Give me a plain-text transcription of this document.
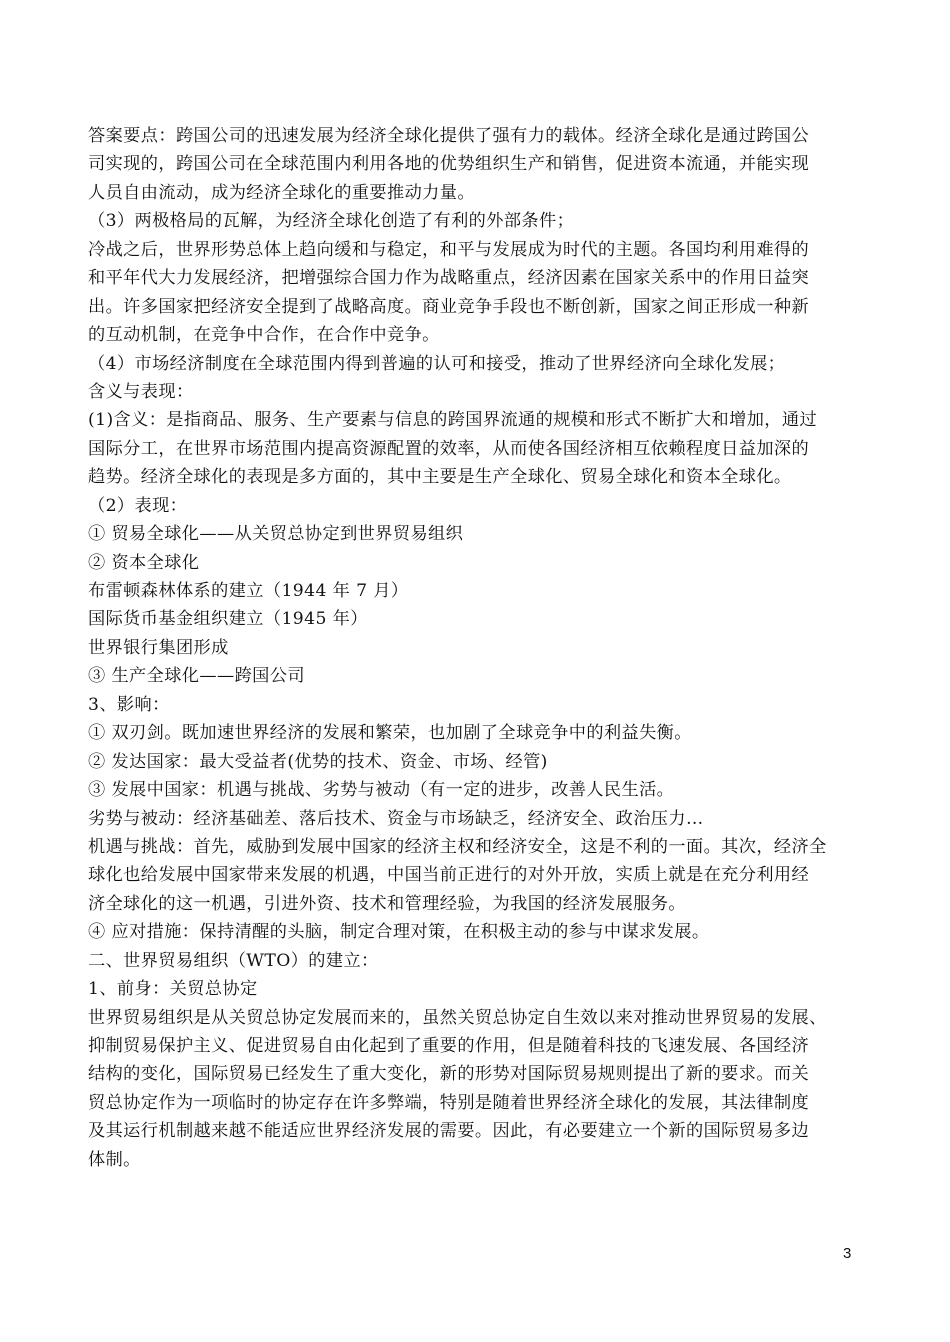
答案要点：跨国公司的迅速发展为经济全球化提供了强有力的载体。经济全球化是通过跨国公
司实现的，跨国公司在全球范围内利用各地的优势组织生产和销售，促进资本流通，并能实现
人员自由流动，成为经济全球化的重要推动力量。
（3）两极格局的瓦解，为经济全球化创造了有利的外部条件；
冷战之后，世界形势总体上趋向缓和与稳定，和平与发展成为时代的主题。各国均利用难得的
和平年代大力发展经济，把增强综合国力作为战略重点，经济因素在国家关系中的作用日益突
出。许多国家把经济安全提到了战略高度。商业竞争手段也不断创新，国家之间正形成一种新
的互动机制，在竞争中合作，在合作中竞争。
（4）市场经济制度在全球范围内得到普遍的认可和接受，推动了世界经济向全球化发展；
含义与表现：
(1)含义：是指商品、服务、生产要素与信息的跨国界流通的规模和形式不断扩大和增加，通过
国际分工，在世界市场范围内提高资源配置的效率，从而使各国经济相互依赖程度日益加深的
趋势。经济全球化的表现是多方面的，其中主要是生产全球化、贸易全球化和资本全球化。
（2）表现：
① 贸易全球化——从关贸总协定到世界贸易组织
② 资本全球化
布雷顿森林体系的建立（1944 年 7 月）
国际货币基金组织建立（1945 年）
世界银行集团形成
③ 生产全球化——跨国公司
3、影响：
① 双刃剑。既加速世界经济的发展和繁荣，也加剧了全球竞争中的利益失衡。
② 发达国家：最大受益者(优势的技术、资金、市场、经管)
③ 发展中国家：机遇与挑战、劣势与被动（有一定的进步，改善人民生活。
劣势与被动：经济基础差、落后技术、资金与市场缺乏，经济安全、政治压力…
机遇与挑战：首先，威胁到发展中国家的经济主权和经济安全，这是不利的一面。其次，经济全
球化也给发展中国家带来发展的机遇，中国当前正进行的对外开放，实质上就是在充分利用经
济全球化的这一机遇，引进外资、技术和管理经验，为我国的经济发展服务。
④ 应对措施：保持清醒的头脑，制定合理对策，在积极主动的参与中谋求发展。
二、世界贸易组织（WTO）的建立：
1、前身：关贸总协定
世界贸易组织是从关贸总协定发展而来的，虽然关贸总协定自生效以来对推动世界贸易的发展、
抑制贸易保护主义、促进贸易自由化起到了重要的作用，但是随着科技的飞速发展、各国经济
结构的变化，国际贸易已经发生了重大变化，新的形势对国际贸易规则提出了新的要求。而关
贸总协定作为一项临时的协定存在许多弊端，特别是随着世界经济全球化的发展，其法律制度
及其运行机制越来越不能适应世界经济发展的需要。因此，有必要建立一个新的国际贸易多边
体制。
3
